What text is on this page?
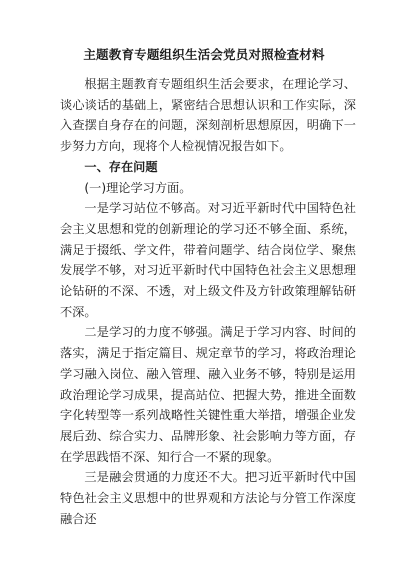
主题教育专题组织生活会党员对照检查材料

根据主题教育专题组织生活会要求，在理论学习、谈心谈话的基础上，紧密结合思想认识和工作实际，深入查摆自身存在的问题，深刻剖析思想原因，明确下一步努力方向，现将个人检视情况报告如下。

一、存在问题

(一)理论学习方面。

一是学习站位不够高。对习近平新时代中国特色社会主义思想和党的创新理论的学习还不够全面、系统，满足于掇纸、学文件，带着问题学、结合岗位学、聚焦发展学不够，对习近平新时代中国特色社会主义思想理论钻研的不深、不透，对上级文件及方针政策理解钻研不深。

二是学习的力度不够强。满足于学习内容、时间的落实，满足于指定篇目、规定章节的学习，将政治理论学习融入岗位、融入管理、融入业务不够，特别是运用政治理论学习成果，提高站位、把握大势，推进全面数字化转型等一系列战略性关键性重大举措，增强企业发展后劲、综合实力、品牌形象、社会影响力等方面，存在学思践悟不深、知行合一不紧的现象。

三是融会贯通的力度还不大。把习近平新时代中国特色社会主义思想中的世界观和方法论与分管工作深度融合还
